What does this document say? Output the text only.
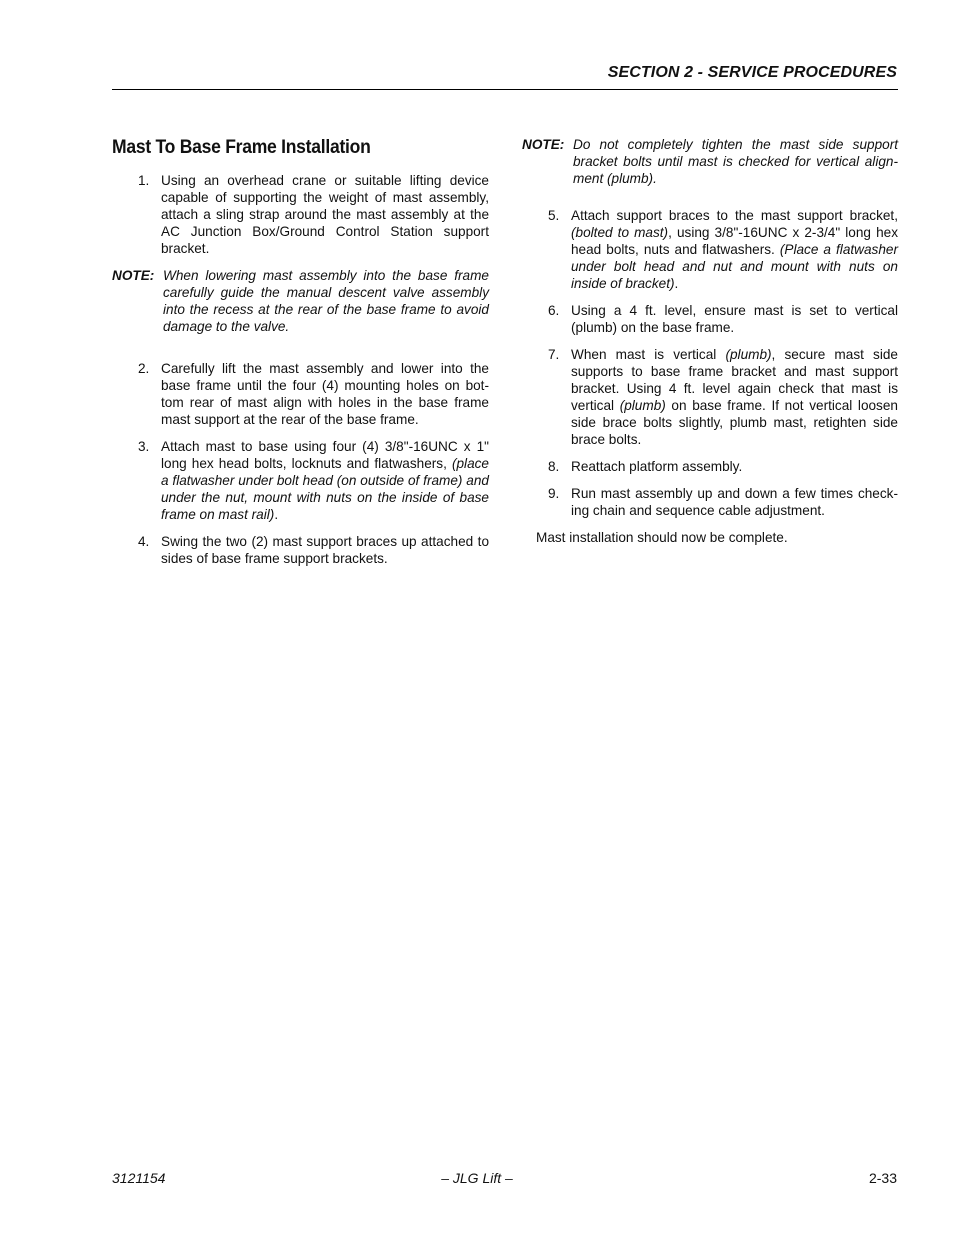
SECTION 2 - SERVICE PROCEDURES
Mast To Base Frame Installation
1. Using an overhead crane or suitable lifting device capable of supporting the weight of mast assembly, attach a sling strap around the mast assembly at the AC Junction Box/Ground Control Station support bracket.
NOTE: When lowering mast assembly into the base frame carefully guide the manual descent valve assembly into the recess at the rear of the base frame to avoid damage to the valve.
2. Carefully lift the mast assembly and lower into the base frame until the four (4) mounting holes on bot-tom rear of mast align with holes in the base frame mast support at the rear of the base frame.
3. Attach mast to base using four (4) 3/8"-16UNC x 1" long hex head bolts, locknuts and flatwashers, (place a flatwasher under bolt head (on outside of frame) and under the nut, mount with nuts on the inside of base frame on mast rail).
4. Swing the two (2) mast support braces up attached to sides of base frame support brackets.
NOTE: Do not completely tighten the mast side support bracket bolts until mast is checked for vertical align-ment (plumb).
5. Attach support braces to the mast support bracket, (bolted to mast), using 3/8"-16UNC x 2-3/4" long hex head bolts, nuts and flatwashers. (Place a flatwasher under bolt head and nut and mount with nuts on inside of bracket).
6. Using a 4 ft. level, ensure mast is set to vertical (plumb) on the base frame.
7. When mast is vertical (plumb), secure mast side supports to base frame bracket and mast support bracket. Using 4 ft. level again check that mast is vertical (plumb) on base frame. If not vertical loosen side brace bolts slightly, plumb mast, retighten side brace bolts.
8. Reattach platform assembly.
9. Run mast assembly up and down a few times check-ing chain and sequence cable adjustment.
Mast installation should now be complete.
3121154	– JLG Lift –	2-33
